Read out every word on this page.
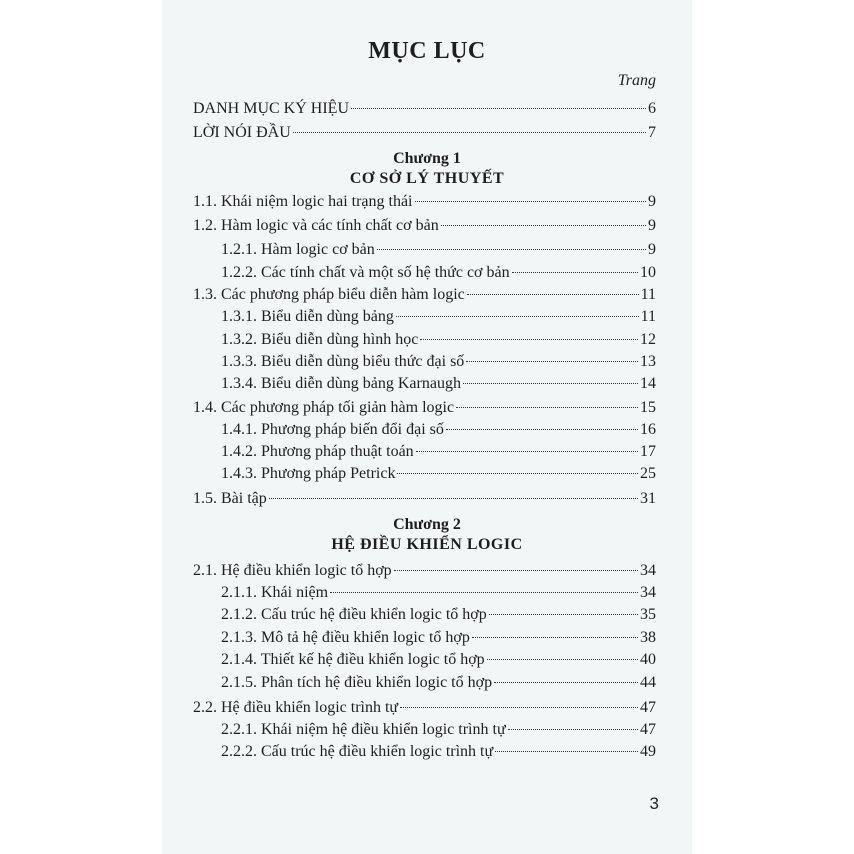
MỤC LỤC
Trang
DANH MỤC KÝ HIỆU	6
LỜI NÓI ĐẦU	7
Chương 1
CƠ SỞ LÝ THUYẾT
1.1. Khái niệm logic hai trạng thái	9
1.2. Hàm logic và các tính chất cơ bản	9
1.2.1. Hàm logic cơ bản	9
1.2.2. Các tính chất và một số hệ thức cơ bản	10
1.3. Các phương pháp biểu diễn hàm logic	11
1.3.1. Biểu diễn dùng bảng	11
1.3.2. Biểu diễn dùng hình học	12
1.3.3. Biểu diễn dùng biểu thức đại số	13
1.3.4. Biểu diễn dùng bảng Karnaugh	14
1.4. Các phương pháp tối giản hàm logic	15
1.4.1. Phương pháp biến đổi đại số	16
1.4.2. Phương pháp thuật toán	17
1.4.3. Phương pháp Petrick	25
1.5. Bài tập	31
Chương 2
HỆ ĐIỀU KHIỂN LOGIC
2.1. Hệ điều khiển logic tổ hợp	34
2.1.1. Khái niệm	34
2.1.2. Cấu trúc hệ điều khiển logic tổ hợp	35
2.1.3. Mô tả hệ điều khiển logic tổ hợp	38
2.1.4. Thiết kế hệ điều khiển logic tổ hợp	40
2.1.5. Phân tích hệ điều khiển logic tổ hợp	44
2.2. Hệ điều khiển logic trình tự	47
2.2.1. Khái niệm hệ điều khiển logic trình tự	47
2.2.2. Cấu trúc hệ điều khiển logic trình tự	49
3
